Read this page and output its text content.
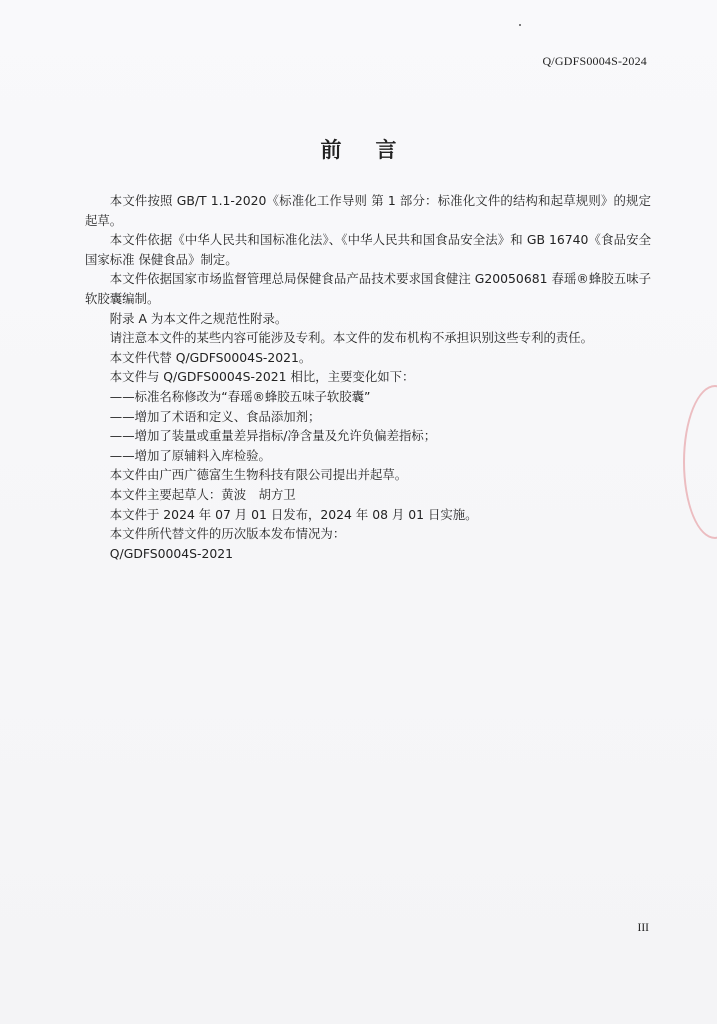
Q/GDFS0004S-2024
前言

本文件按照 GB/T 1.1-2020《标准化工作导则 第 1 部分：标准化文件的结构和起草规则》的规定起草。

本文件依据《中华人民共和国标准化法》、《中华人民共和国食品安全法》和 GB 16740《食品安全国家标准 保健食品》制定。

本文件依据国家市场监督管理总局保健食品产品技术要求国食健注 G20050681 春瑶®蜂胶五味子软胶囊编制。

附录 A 为本文件之规范性附录。

请注意本文件的某些内容可能涉及专利。本文件的发布机构不承担识别这些专利的责任。

本文件代替 Q/GDFS0004S-2021。

本文件与 Q/GDFS0004S-2021 相比，主要变化如下：

——标准名称修改为“春瑶®蜂胶五味子软胶囊”

——增加了术语和定义、食品添加剂；

——增加了装量或重量差异指标/净含量及允许负偏差指标；

——增加了原辅料入库检验。

本文件由广西广德富生生物科技有限公司提出并起草。

本文件主要起草人：黄波　胡方卫

本文件于 2024 年 07 月 01 日发布，2024 年 08 月 01 日实施。

本文件所代替文件的历次版本发布情况为：

Q/GDFS0004S-2021

III
